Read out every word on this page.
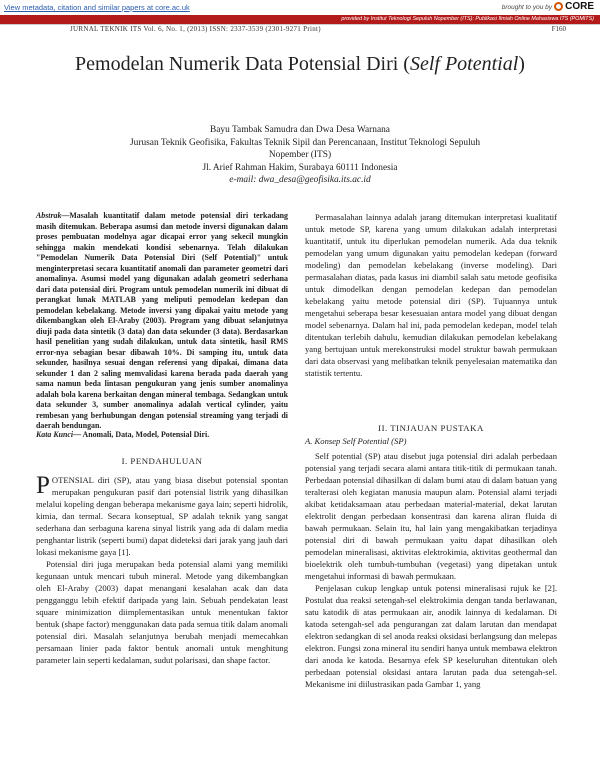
View metadata, citation and similar papers at core.ac.uk	brought to you by	CORE
provided by Institut Teknologi Sepuluh Nopember (ITS): Publikasi Ilmiah Online Mahasiswa ITS (POMITS)
JURNAL TEKNIK ITS Vol. 6, No. 1, (2013) ISSN: 2337-3539 (2301-9271 Print)	F160
Pemodelan Numerik Data Potensial Diri (Self Potential)
Bayu Tambak Samudra dan Dwa Desa Warnana
Jurusan Teknik Geofisika, Fakultas Teknik Sipil dan Perencanaan, Institut Teknologi Sepuluh
Nopember (ITS)
Jl. Arief Rahman Hakim, Surabaya 60111 Indonesia
e-mail: dwa_desa@geofisika.its.ac.id

Abstrak—Masalah kuantitatif dalam metode potensial diri terkadang masih ditemukan. Beberapa asumsi dan metode inversi digunakan dalam proses pembuatan modelnya agar dicapai error yang sekecil mungkin sehingga makin mendekati kondisi sebenarnya. Telah dilakukan "Pemodelan Numerik Data Potensial Diri (Self Potential)" untuk menginterpretasi secara kuantitatif anomali dan parameter geometri dari anomalinya. Asumsi model yang digunakan adalah geometri sederhana dari data potensial diri. Program untuk pemodelan numerik ini dibuat di perangkat lunak MATLAB yang meliputi pemodelan kedepan dan pemodelan kebelakang. Metode inversi yang dipakai yaitu metode yang dikembangkan oleh El-Araby (2003). Program yang dibuat selanjutnya diuji pada data sintetik (3 data) dan data sekunder (3 data). Berdasarkan hasil penelitian yang sudah dilakukan, untuk data sintetik, hasil RMS error-nya sebagian besar dibawah 10%. Di samping itu, untuk data sekunder, hasilnya sesuai dengan referensi yang dipakai, dimana data sekunder 1 dan 2 saling memvalidasi karena berada pada daerah yang sama namun beda lintasan pengukuran yang jenis sumber anomalinya adalah bola karena berkaitan dengan mineral tembaga. Sedangkan untuk data sekunder 3, sumber anomalinya adalah vertical cylinder, yaitu rembesan yang berhubungan dengan potensial streaming yang terjadi di daerah bendungan.

Kata Kunci— Anomali, Data, Model, Potensial Diri.

I. PENDAHULUAN

POTENSIAL diri (SP), atau yang biasa disebut potensial spontan merupakan pengukuran pasif dari potensial listrik yang dihasilkan melalui kopeling dengan beberapa mekanisme gaya lain; seperti hidrolik, kimia, dan termal. Secara konseptual, SP adalah teknik yang sangat sederhana dan serbaguna karena sinyal listrik yang ada di dalam media penghantar listrik (seperti bumi) dapat dideteksi dari jarak yang jauh dari lokasi mekanisme gaya [1].

Potensial diri juga merupakan beda potensial alami yang memiliki kegunaan untuk mencari tubuh mineral. Metode yang dikembangkan oleh El-Araby (2003) dapat menangani kesalahan acak dan data pengganggu lebih efektif daripada yang lain. Sebuah pendekatan least square minimization diimplementasikan untuk menentukan faktor bentuk (shape factor) menggunakan data pada semua titik dalam anomali potensial diri. Masalah selanjutnya berubah menjadi memecahkan persamaan linier pada faktor bentuk anomali untuk menghitung parameter lain seperti kedalaman, sudut polarisasi, dan shape factor.

Permasalahan lainnya adalah jarang ditemukan interpretasi kualitatif untuk metode SP, karena yang umum dilakukan adalah interpretasi kuantitatif, untuk itu diperlukan pemodelan numerik. Ada dua teknik pemodelan yang umum digunakan yaitu pemodelan kedepan (forward modeling) dan pemodelan kebelakang (inverse modeling). Dari permasalahan diatas, pada kasus ini diambil salah satu metode geofisika untuk dimodelkan dengan pemodelan kedepan dan pemodelan kebelakang yaitu metode potensial diri (SP). Tujuannya untuk mengetahui seberapa besar kesesuaian antara model yang dibuat dengan model sebenarnya. Dalam hal ini, pada pemodelan kedepan, model telah ditentukan terlebih dahulu, kemudian dilakukan pemodelan kebelakang yang bertujuan untuk merekonstruksi model struktur bawah permukaan dari data observasi yang melibatkan teknik penyelesaian matematika dan statistik tertentu.

II. TINJAUAN PUSTAKA
A. Konsep Self Potential (SP)

Self potential (SP) atau disebut juga potensial diri adalah perbedaan potensial yang terjadi secara alami antara titik-titik di permukaan tanah. Perbedaan potensial dihasilkan di dalam bumi atau di dalam batuan yang teralterasi oleh kegiatan manusia maupun alam. Potensial alami terjadi akibat ketidaksamaan atau perbedaan material-material, dekat larutan elektrolit dengan perbedaan konsentrasi dan karena aliran fluida di bawah permukaan. Selain itu, hal lain yang mengakibatkan terjadinya potensial diri di bawah permukaan yaitu dapat dihasilkan oleh pemodelan mineralisasi, aktivitas elektrokimia, aktivitas geothermal dan bioelektrik oleh tumbuh-tumbuhan (vegetasi) yang dipetakan untuk mengetahui informasi di bawah permukaan.

Penjelasan cukup lengkap untuk potensi mineralisasi rujuk ke [2]. Postulat dua reaksi setengah-sel elektrokimia dengan tanda berlawanan, satu katodik di atas permukaan air, anodik lainnya di kedalaman. Di katoda setengah-sel ada pengurangan zat dalam larutan dan mendapat elektron sedangkan di sel anoda reaksi oksidasi berlangsung dan melepas elektron. Fungsi zona mineral itu sendiri hanya untuk membawa elektron dari anoda ke katoda. Besarnya efek SP keseluruhan ditentukan oleh perbedaan potensial oksidasi antara larutan pada dua setengah-sel. Mekanisme ini diilustrasikan pada Gambar 1, yang
